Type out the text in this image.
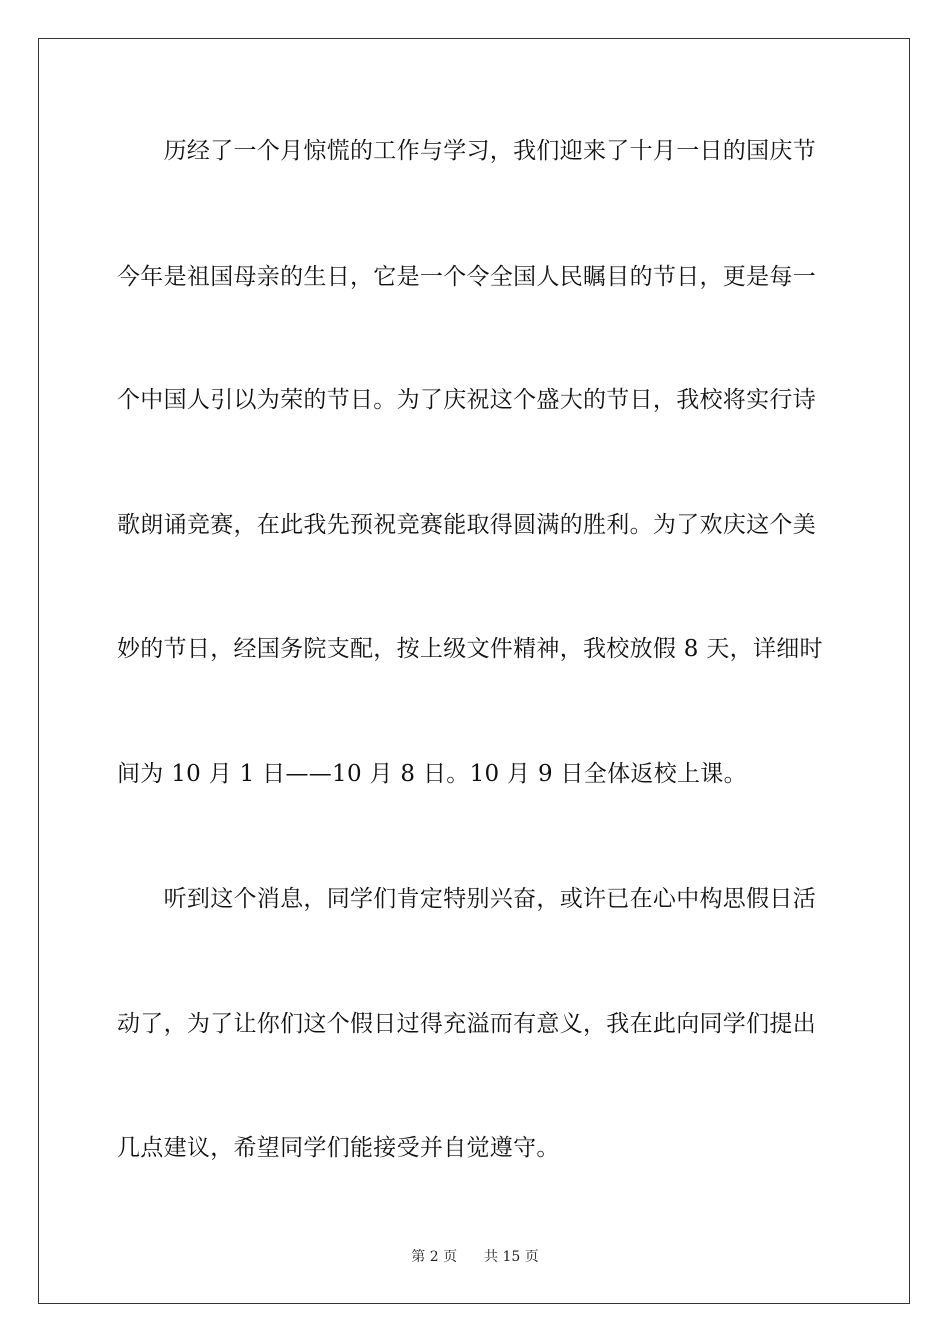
　　历经了一个月惊慌的工作与学习，我们迎来了十月一日的国庆节
今年是祖国母亲的生日，它是一个令全国人民瞩目的节日，更是每一
个中国人引以为荣的节日。为了庆祝这个盛大的节日，我校将实行诗
歌朗诵竞赛，在此我先预祝竞赛能取得圆满的胜利。为了欢庆这个美
妙的节日，经国务院支配，按上级文件精神，我校放假 8 天，详细时
间为 10 月 1 日——10 月 8 日。10 月 9 日全体返校上课。
　　听到这个消息，同学们肯定特别兴奋，或许已在心中构思假日活
动了，为了让你们这个假日过得充溢而有意义，我在此向同学们提出
几点建议，希望同学们能接受并自觉遵守。
第 2 页 共 15 页
